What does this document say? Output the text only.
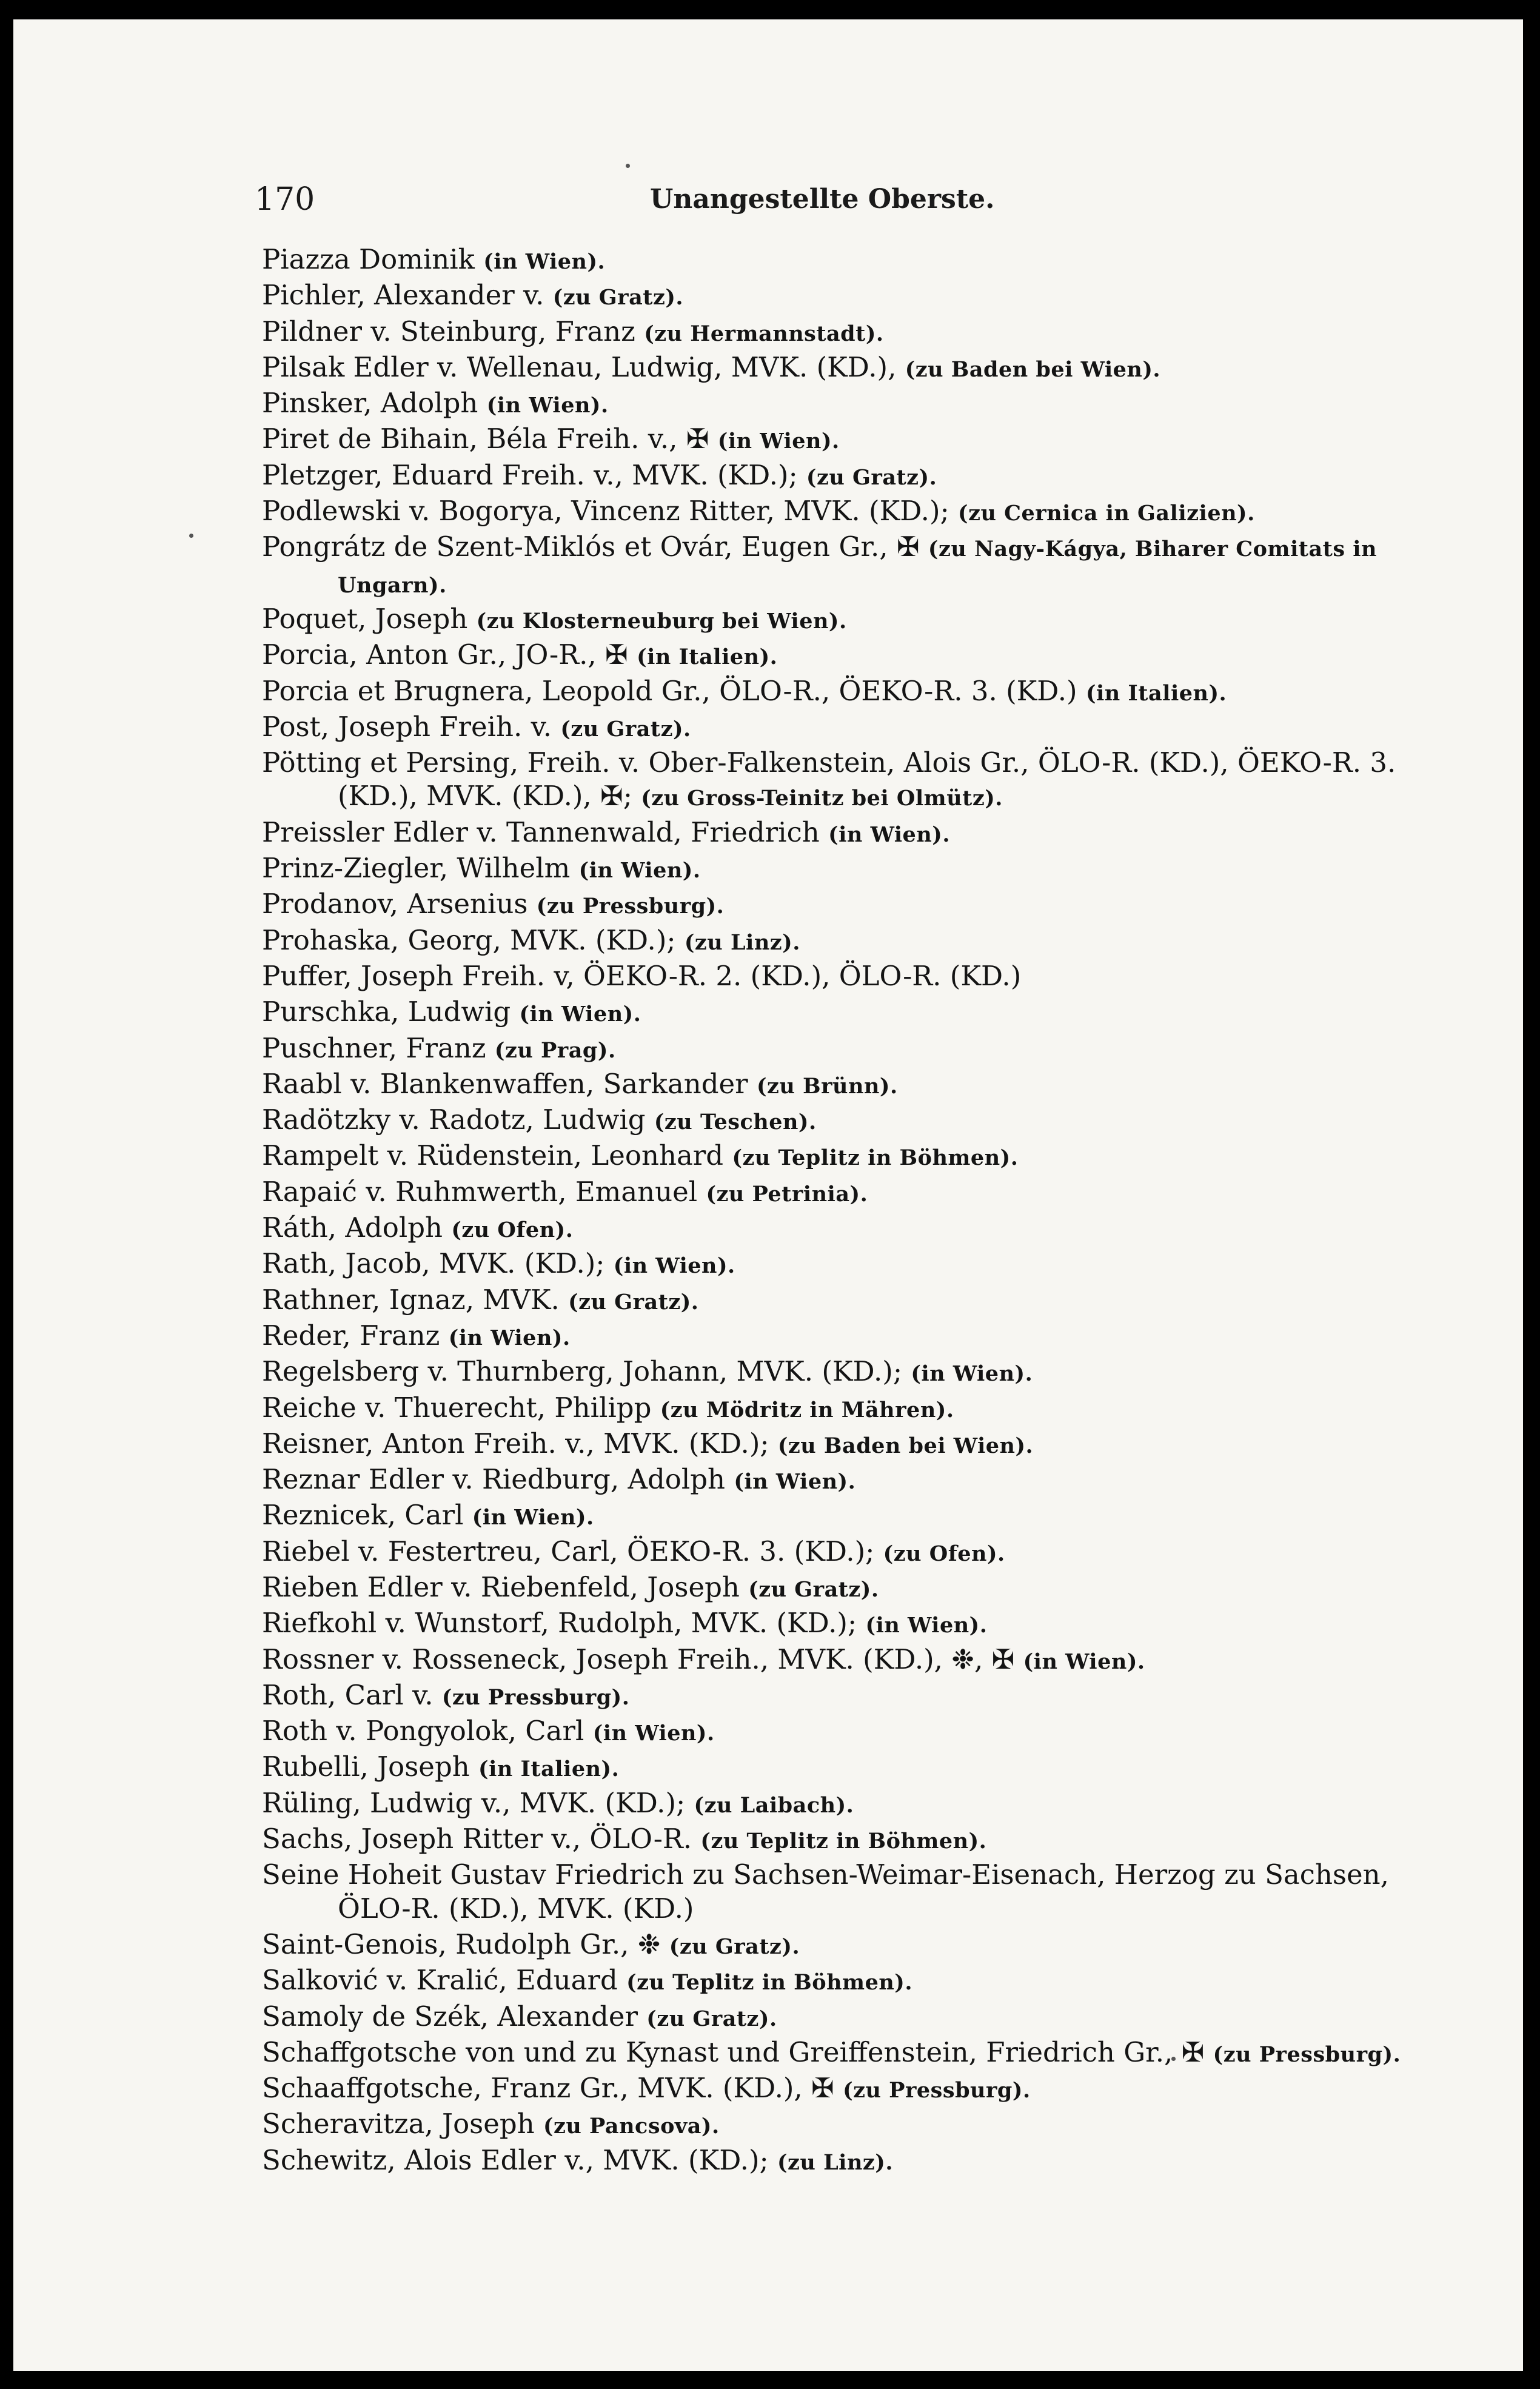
170	Unangestellte Oberste.
Piazza Dominik (in Wien).
Pichler, Alexander v. (zu Gratz).
Pildner v. Steinburg, Franz (zu Hermannstadt).
Pilsak Edler v. Wellenau, Ludwig, MVK. (KD.), (zu Baden bei Wien).
Pinsker, Adolph (in Wien).
Piret de Bihain, Béla Freih. v., ✠ (in Wien).
Pletzger, Eduard Freih. v., MVK. (KD.); (zu Gratz).
Podlewski v. Bogorya, Vincenz Ritter, MVK. (KD.); (zu Cernica in Galizien).
Pongrátz de Szent-Miklós et Ovár, Eugen Gr., ✠ (zu Nagy-Kágya, Biharer Comitats in Ungarn).
Poquet, Joseph (zu Klosterneuburg bei Wien).
Porcia, Anton Gr., JO-R., ✠ (in Italien).
Porcia et Brugnera, Leopold Gr., ÖLO-R., ÖEKO-R. 3. (KD.) (in Italien).
Post, Joseph Freih. v. (zu Gratz).
Pötting et Persing, Freih. v. Ober-Falkenstein, Alois Gr., ÖLO-R. (KD.), ÖEKO-R. 3. (KD.), MVK. (KD.), ✠; (zu Gross-Teinitz bei Olmütz).
Preissler Edler v. Tannenwald, Friedrich (in Wien).
Prinz-Ziegler, Wilhelm (in Wien).
Prodanov, Arsenius (zu Pressburg).
Prohaska, Georg, MVK. (KD.); (zu Linz).
Puffer, Joseph Freih. v, ÖEKO-R. 2. (KD.), ÖLO-R. (KD.)
Purschka, Ludwig (in Wien).
Puschner, Franz (zu Prag).
Raabl v. Blankenwaffen, Sarkander (zu Brünn).
Radötzky v. Radotz, Ludwig (zu Teschen).
Rampelt v. Rüdenstein, Leonhard (zu Teplitz in Böhmen).
Rapaić v. Ruhmwerth, Emanuel (zu Petrinia).
Ráth, Adolph (zu Ofen).
Rath, Jacob, MVK. (KD.); (in Wien).
Rathner, Ignaz, MVK. (zu Gratz).
Reder, Franz (in Wien).
Regelsberg v. Thurnberg, Johann, MVK. (KD.); (in Wien).
Reiche v. Thuerecht, Philipp (zu Mödritz in Mähren).
Reisner, Anton Freih. v., MVK. (KD.); (zu Baden bei Wien).
Reznar Edler v. Riedburg, Adolph (in Wien).
Reznicek, Carl (in Wien).
Riebel v. Festertreu, Carl, ÖEKO-R. 3. (KD.); (zu Ofen).
Rieben Edler v. Riebenfeld, Joseph (zu Gratz).
Riefkohl v. Wunstorf, Rudolph, MVK. (KD.); (in Wien).
Rossner v. Rosseneck, Joseph Freih., MVK. (KD.), ❉, ✠ (in Wien).
Roth, Carl v. (zu Pressburg).
Roth v. Pongyolok, Carl (in Wien).
Rubelli, Joseph (in Italien).
Rüling, Ludwig v., MVK. (KD.); (zu Laibach).
Sachs, Joseph Ritter v., ÖLO-R. (zu Teplitz in Böhmen).
Seine Hoheit Gustav Friedrich zu Sachsen-Weimar-Eisenach, Herzog zu Sachsen, ÖLO-R. (KD.), MVK. (KD.)
Saint-Genois, Rudolph Gr., ❉ (zu Gratz).
Salković v. Kralić, Eduard (zu Teplitz in Böhmen).
Samoly de Szék, Alexander (zu Gratz).
Schaffgotsche von und zu Kynast und Greiffenstein, Friedrich Gr., ✠ (zu Pressburg).
Schaaffgotsche, Franz Gr., MVK. (KD.), ✠ (zu Pressburg).
Scheravitza, Joseph (zu Pancsova).
Schewitz, Alois Edler v., MVK. (KD.); (zu Linz).
